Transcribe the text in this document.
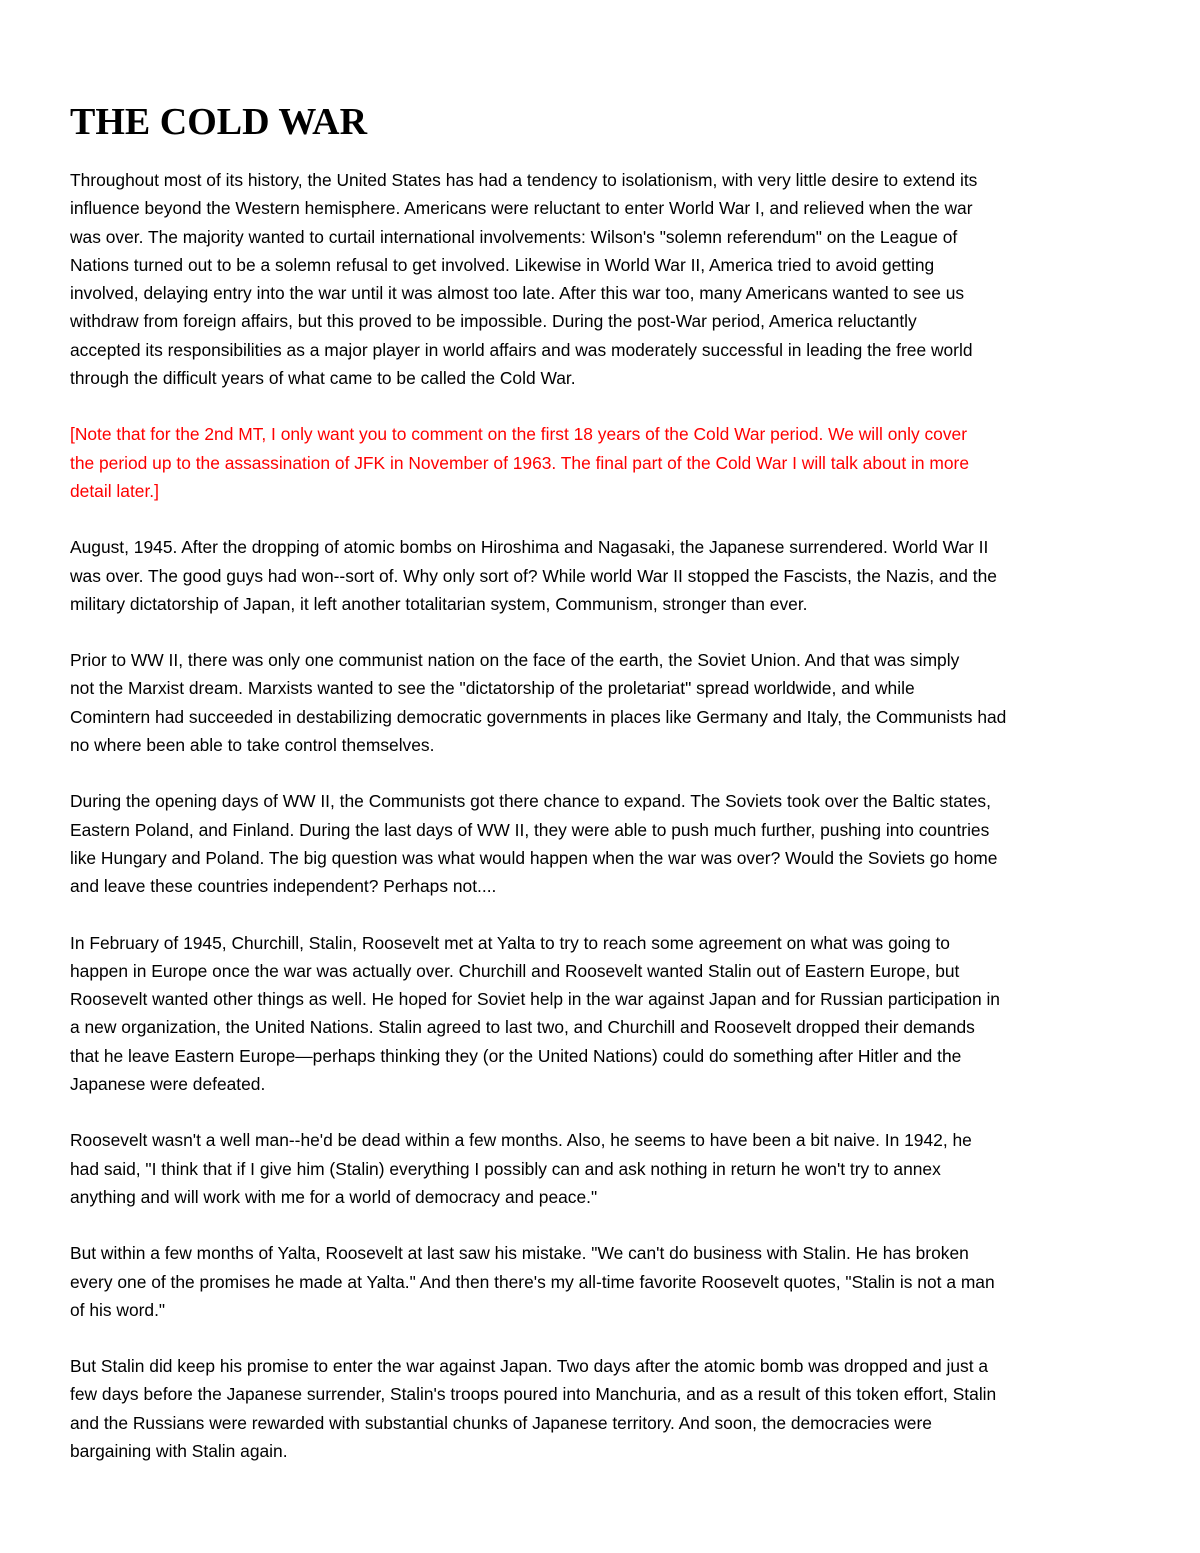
THE COLD WAR

Throughout most of its history, the United States has had a tendency to isolationism, with very little desire to extend its
influence beyond the Western hemisphere. Americans were reluctant to enter World War I, and relieved when the war
was over. The majority wanted to curtail international involvements: Wilson's "solemn referendum" on the League of
Nations turned out to be a solemn refusal to get involved. Likewise in World War II, America tried to avoid getting
involved, delaying entry into the war until it was almost too late. After this war too, many Americans wanted to see us
withdraw from foreign affairs, but this proved to be impossible. During the post-War period, America reluctantly
accepted its responsibilities as a major player in world affairs and was moderately successful in leading the free world
through the difficult years of what came to be called the Cold War.

[Note that for the 2nd MT, I only want you to comment on the first 18 years of the Cold War period. We will only cover
the period up to the assassination of JFK in November of 1963. The final part of the Cold War I will talk about in more
detail later.]

August, 1945. After the dropping of atomic bombs on Hiroshima and Nagasaki, the Japanese surrendered. World War II
was over. The good guys had won--sort of. Why only sort of? While world War II stopped the Fascists, the Nazis, and the
military dictatorship of Japan, it left another totalitarian system, Communism, stronger than ever.

Prior to WW II, there was only one communist nation on the face of the earth, the Soviet Union. And that was simply
not the Marxist dream. Marxists wanted to see the "dictatorship of the proletariat" spread worldwide, and while
Comintern had succeeded in destabilizing democratic governments in places like Germany and Italy, the Communists had
no where been able to take control themselves.

During the opening days of WW II, the Communists got there chance to expand. The Soviets took over the Baltic states,
Eastern Poland, and Finland. During the last days of WW II, they were able to push much further, pushing into countries
like Hungary and Poland. The big question was what would happen when the war was over? Would the Soviets go home
and leave these countries independent? Perhaps not....

In February of 1945, Churchill, Stalin, Roosevelt met at Yalta to try to reach some agreement on what was going to
happen in Europe once the war was actually over. Churchill and Roosevelt wanted Stalin out of Eastern Europe, but
Roosevelt wanted other things as well. He hoped for Soviet help in the war against Japan and for Russian participation in
a new organization, the United Nations. Stalin agreed to last two, and Churchill and Roosevelt dropped their demands
that he leave Eastern Europe—perhaps thinking they (or the United Nations) could do something after Hitler and the
Japanese were defeated.

Roosevelt wasn't a well man--he'd be dead within a few months. Also, he seems to have been a bit naive. In 1942, he
had said, "I think that if I give him (Stalin) everything I possibly can and ask nothing in return he won't try to annex
anything and will work with me for a world of democracy and peace."

But within a few months of Yalta, Roosevelt at last saw his mistake. "We can't do business with Stalin. He has broken
every one of the promises he made at Yalta." And then there's my all-time favorite Roosevelt quotes, "Stalin is not a man
of his word."

But Stalin did keep his promise to enter the war against Japan. Two days after the atomic bomb was dropped and just a
few days before the Japanese surrender, Stalin's troops poured into Manchuria, and as a result of this token effort, Stalin
and the Russians were rewarded with substantial chunks of Japanese territory. And soon, the democracies were
bargaining with Stalin again.
